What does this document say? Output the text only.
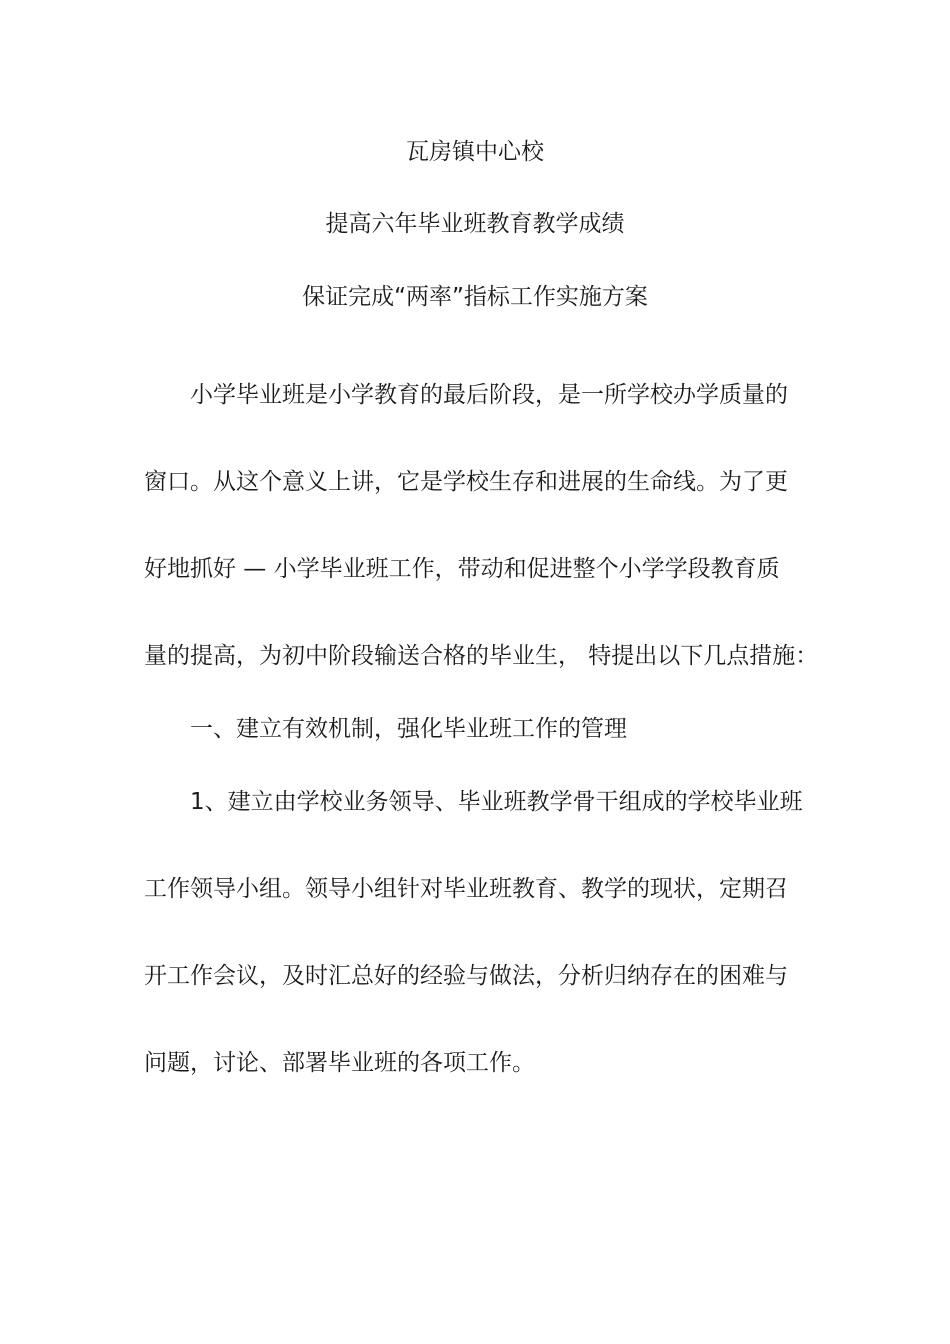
瓦房镇中心校
提高六年毕业班教育教学成绩
保证完成“两率”指标工作实施方案
小学毕业班是小学教育的最后阶段，是一所学校办学质量的
窗口。从这个意义上讲，它是学校生存和进展的生命线。为了更
好地抓好 — 小学毕业班工作，带动和促进整个小学学段教育质
量的提高，为初中阶段输送合格的毕业生， 特提出以下几点措施：
一、建立有效机制，强化毕业班工作的管理
1、建立由学校业务领导、毕业班教学骨干组成的学校毕业班
工作领导小组。领导小组针对毕业班教育、教学的现状，定期召
开工作会议，及时汇总好的经验与做法，分析归纳存在的困难与
问题，讨论、部署毕业班的各项工作。
